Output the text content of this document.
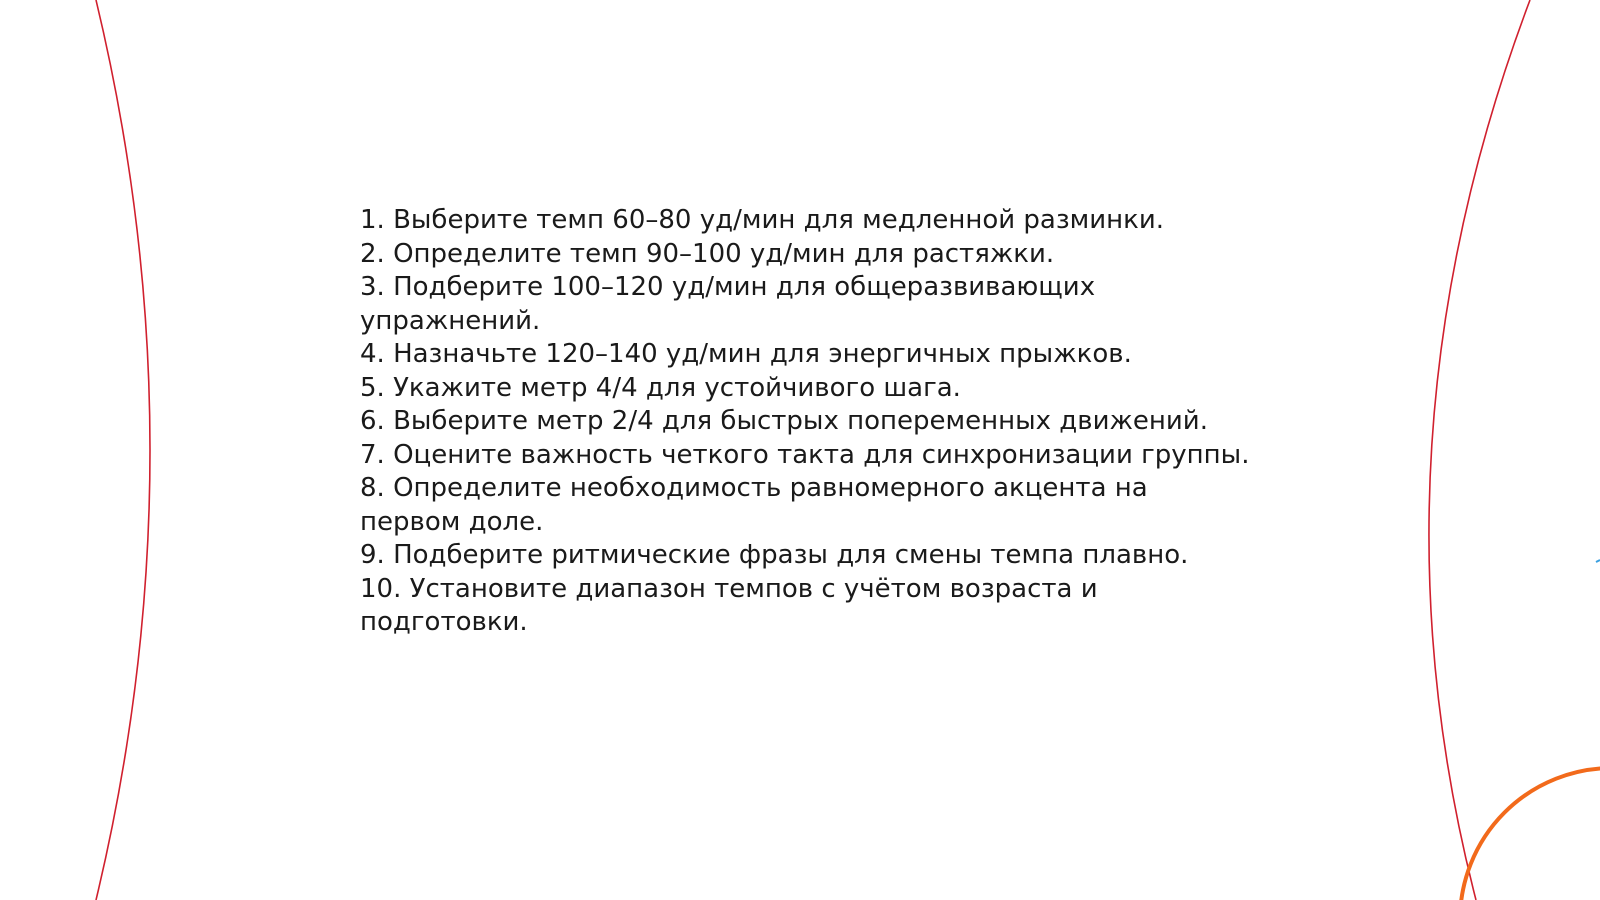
1. Выберите темп 60–80 уд/мин для медленной разминки.

2. Определите темп 90–100 уд/мин для растяжки.

3. Подберите 100–120 уд/мин для общеразвивающих

упражнений.

4. Назначьте 120–140 уд/мин для энергичных прыжков.

5. Укажите метр 4/4 для устойчивого шага.

6. Выберите метр 2/4 для быстрых попеременных движений.

7. Оцените важность четкого такта для синхронизации группы.

8. Определите необходимость равномерного акцента на

первом доле.

9. Подберите ритмические фразы для смены темпа плавно.

10. Установите диапазон темпов с учётом возраста и

подготовки.
